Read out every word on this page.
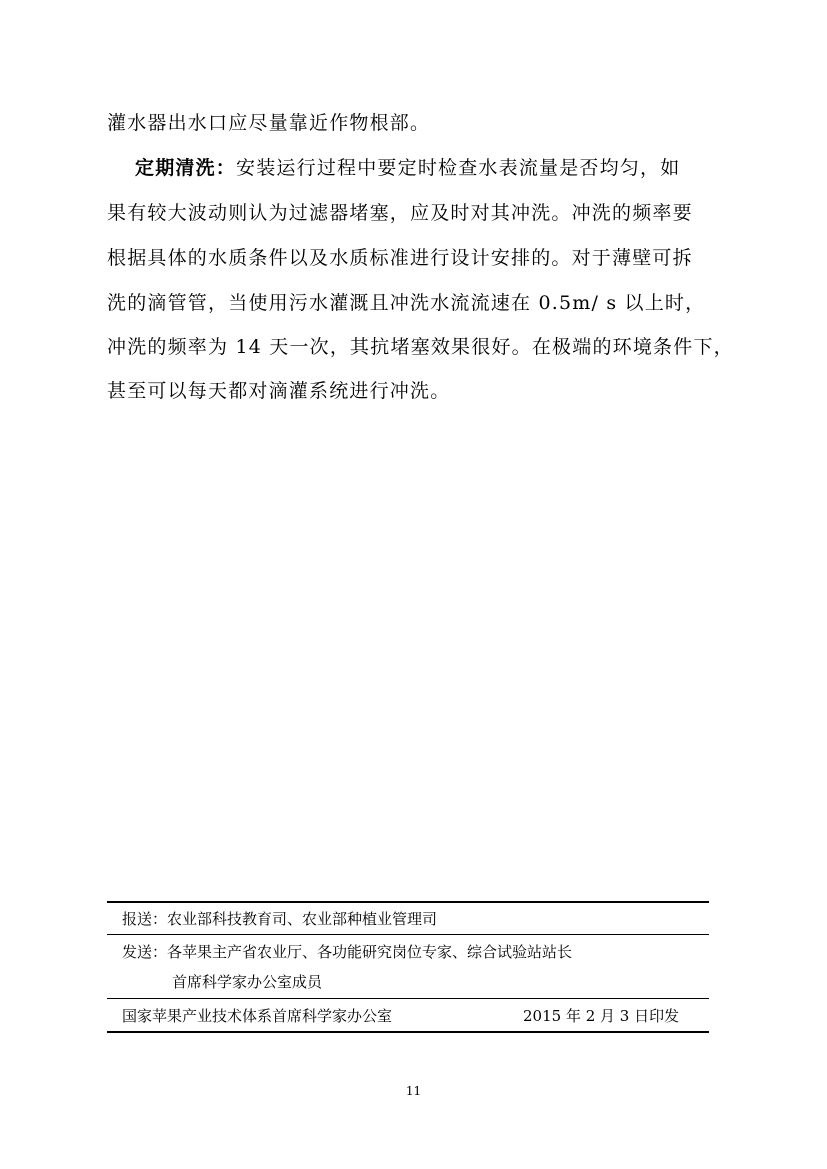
灌水器出水口应尽量靠近作物根部。
定期清洗：安装运行过程中要定时检查水表流量是否均匀，如
果有较大波动则认为过滤器堵塞，应及时对其冲洗。冲洗的频率要
根据具体的水质条件以及水质标准进行设计安排的。对于薄壁可拆
洗的滴管管，当使用污水灌溉且冲洗水流流速在 0.5m/ s 以上时，
冲洗的频率为 14 天一次，其抗堵塞效果很好。在极端的环境条件下，
甚至可以每天都对滴灌系统进行冲洗。
报送：农业部科技教育司、农业部种植业管理司
发送：各苹果主产省农业厅、各功能研究岗位专家、综合试验站站长
首席科学家办公室成员
国家苹果产业技术体系首席科学家办公室	2015 年 2 月 3 日印发
11
